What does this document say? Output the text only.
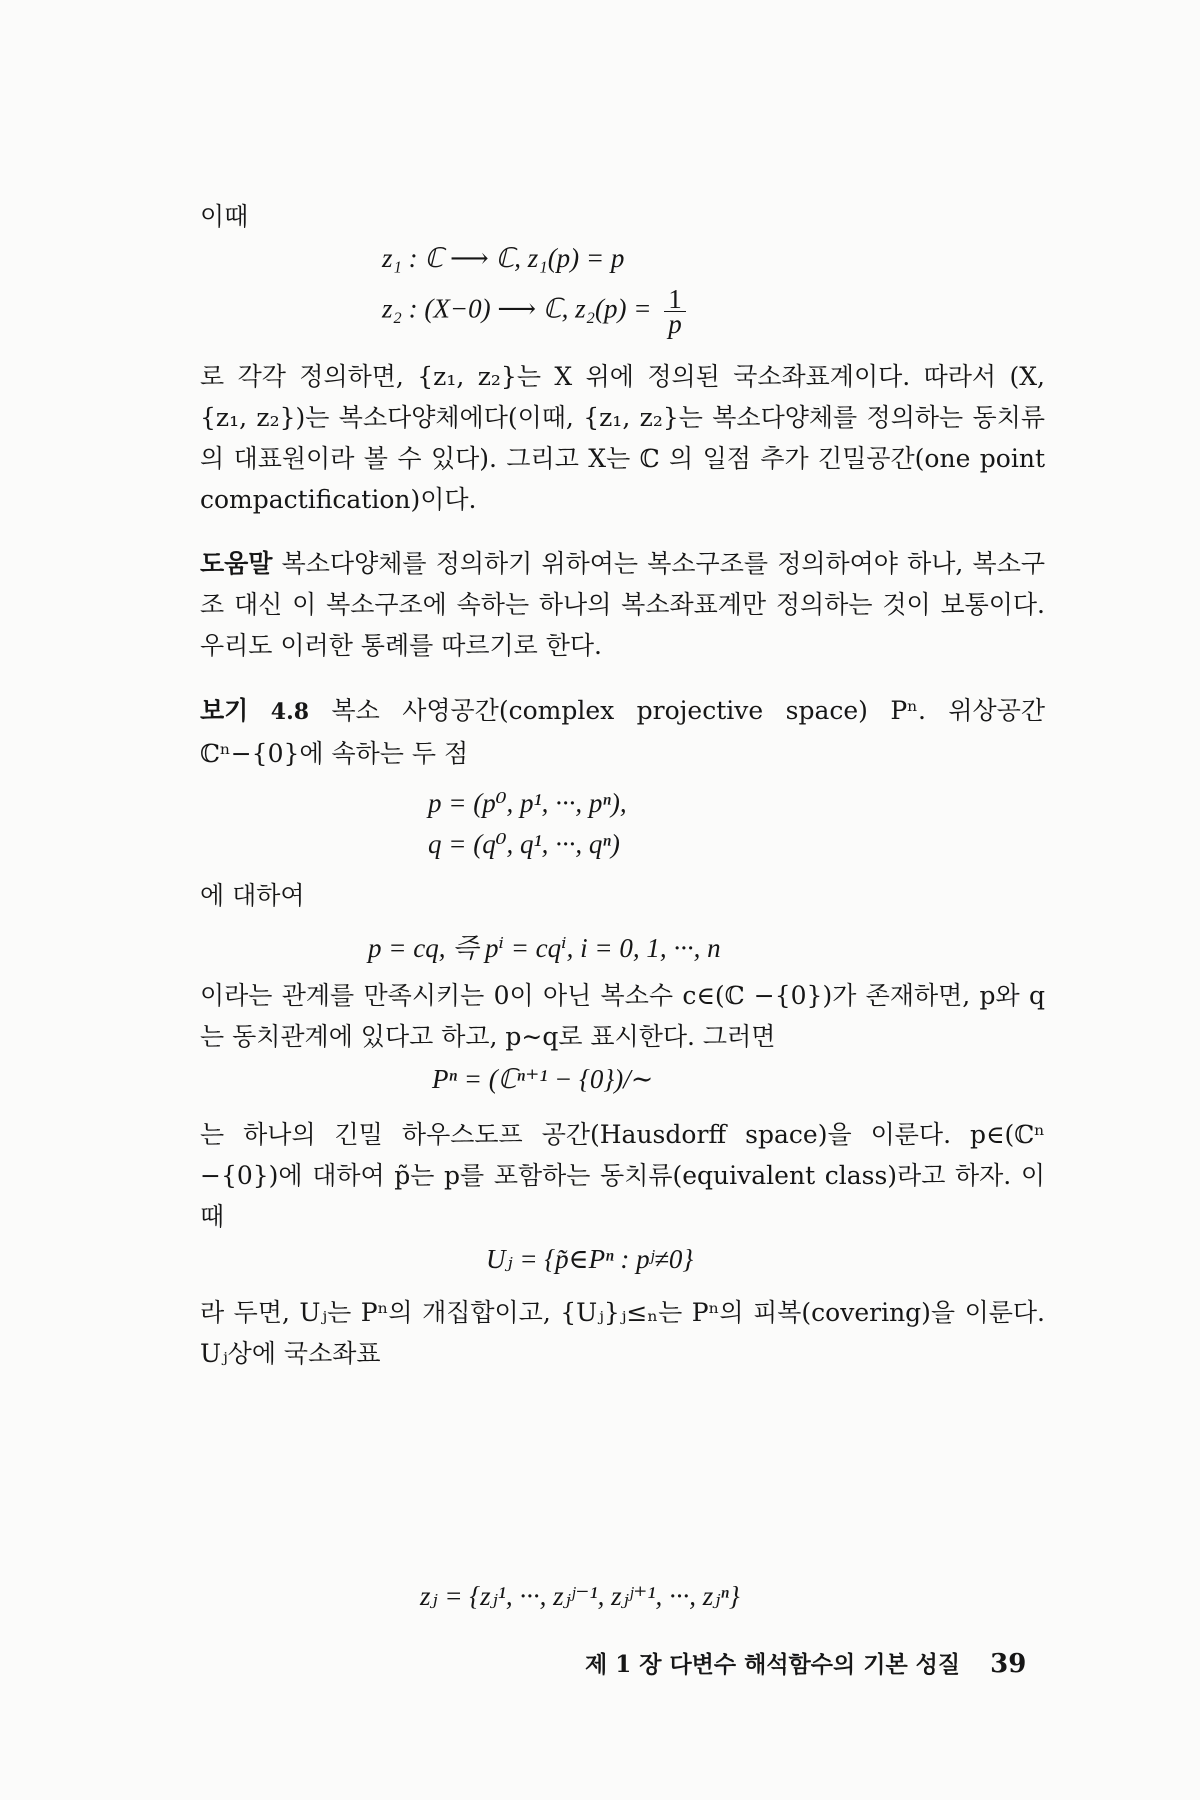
이때
z₁ : ℂ ⟶ ℂ, z₁(p) = p
z₂ : (X−0) ⟶ ℂ, $z_2(p) = \frac{1}{p}$

로 각각 정의하면, {z₁, z₂}는 X 위에 정의된 국소좌표계이다. 따라서 (X, {z₁, z₂})는 복소다양체에다(이때, {z₁, z₂}는 복소다양체를 정의하는 동치류의 대표원이라 볼 수 있다). 그리고 X는 ℂ 의 일점 추가 긴밀공간(one point compactification)이다.

도움말 복소다양체를 정의하기 위하여는 복소구조를 정의하여야 하나, 복소구조 대신 이 복소구조에 속하는 하나의 복소좌표계만 정의하는 것이 보통이다. 우리도 이러한 통례를 따르기로 한다.

보기 4.8 복소 사영공간(complex projective space) Pⁿ. 위상공간 ℂⁿ−{0}에 속하는 두 점

p = (p⁰, p¹, ···, pⁿ),
q = (q⁰, q¹, ···, qⁿ)
에 대하여
p = cq, 즉 pⁱ = cqⁱ, i = 0, 1, ···, n

이라는 관계를 만족시키는 0이 아닌 복소수 c∈(ℂ −{0})가 존재하면, p와 q는 동치관계에 있다고 하고, p∼q로 표시한다. 그러면

Pⁿ = (ℂⁿ⁺¹ − {0})/∼

는 하나의 긴밀 하우스도프 공간(Hausdorff space)을 이룬다. p∈(ℂⁿ −{0})에 대하여 p̃는 p를 포함하는 동치류(equivalent class)라고 하자. 이때

Uⱼ = {p̃∈Pⁿ : pʲ≠0}

라 두면, Uⱼ는 Pⁿ의 개집합이고, {Uⱼ}ⱼ≤ₙ는 Pⁿ의 피복(covering)을 이룬다. Uⱼ상에 국소좌표

zⱼ = {zⱼ¹, ···, zⱼʲ⁻¹, zⱼʲ⁺¹, ···, zⱼⁿ}
제 1 장 다변수 해석함수의 기본 성질 39
